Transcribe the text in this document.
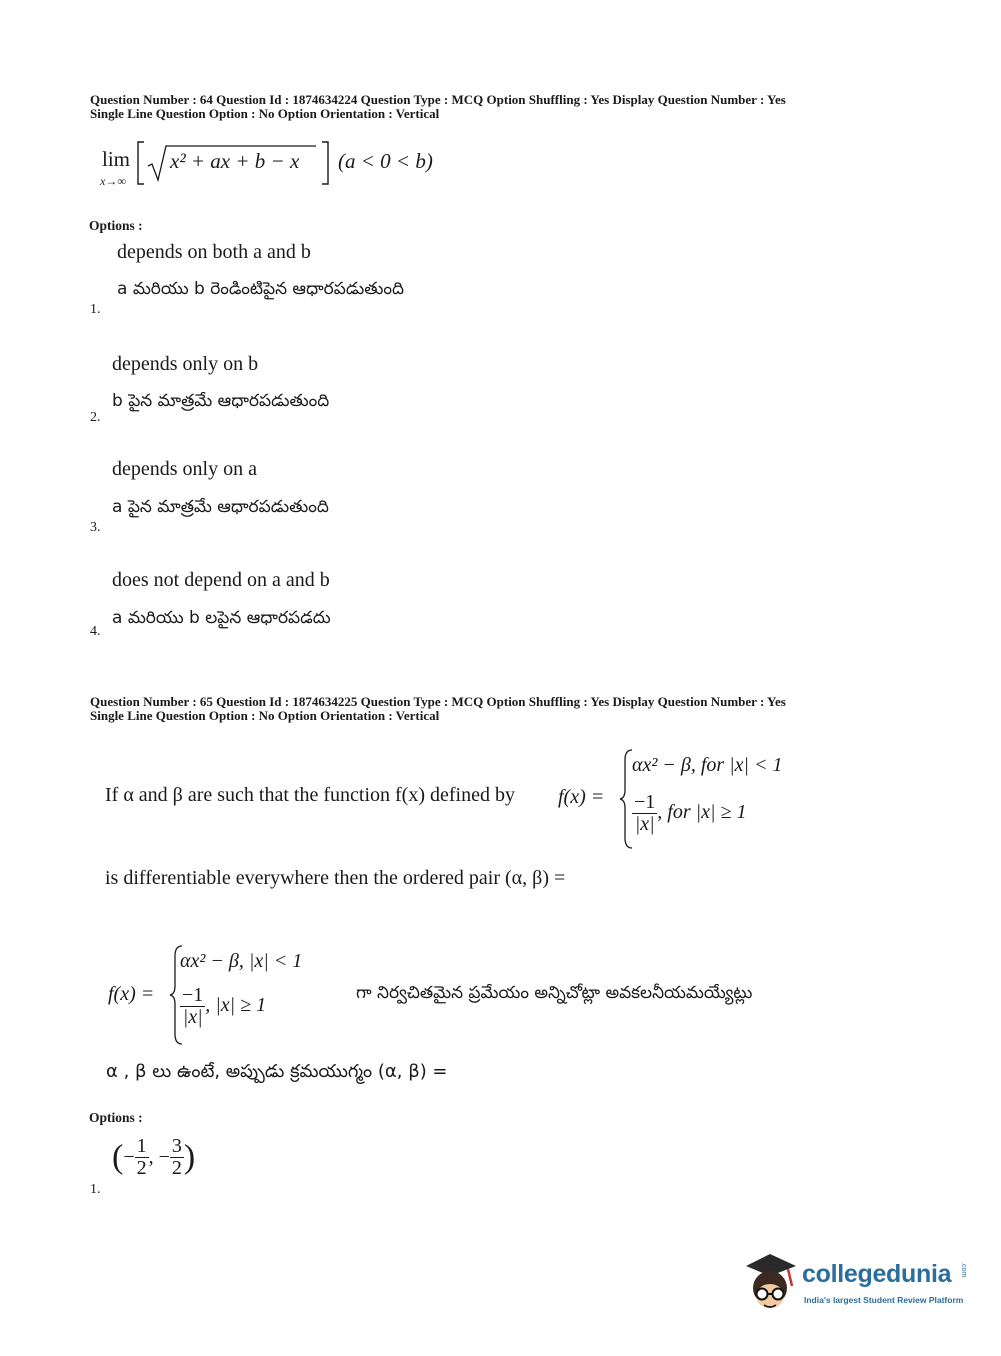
Question Number : 64 Question Id : 1874634224 Question Type : MCQ Option Shuffling : Yes Display Question Number : Yes
Single Line Question Option : No Option Orientation : Vertical
lim
x→∞
x² + ax + b − x (a < 0 < b)
Options :
depends on both a and b
a మరియు b రెండింటిపైన ఆధారపడుతుంది
1.
depends only on b
b పైన మాత్రమే ఆధారపడుతుంది
2.
depends only on a
a పైన మాత్రమే ఆధారపడుతుంది
3.
does not depend on a and b
a మరియు b లపైన ఆధారపడదు
4.
Question Number : 65 Question Id : 1874634225 Question Type : MCQ Option Shuffling : Yes Display Question Number : Yes
Single Line Question Option : No Option Orientation : Vertical
If α and β are such that the function f(x) defined by f(x) =
αx² − β, for |x| < 1
$\frac{-1}{|x|}$ , for |x| ≥ 1
is differentiable everywhere then the ordered pair (α, β) =
f(x) =
αx² − β, |x| < 1
$\frac{-1}{|x|}$ , |x| ≥ 1
గా నిర్వచితమైన ప్రమేయం అన్నిచోట్లా అవకలనీయమయ్యేట్లు
α , β లు ఉంటే, అప్పుడు క్రమయుగ్మం (α, β) =
Options :
(− $\frac{1}{2}$ , − $\frac{3}{2}$ )
1.
collegedunia .com
India's largest Student Review Platform
